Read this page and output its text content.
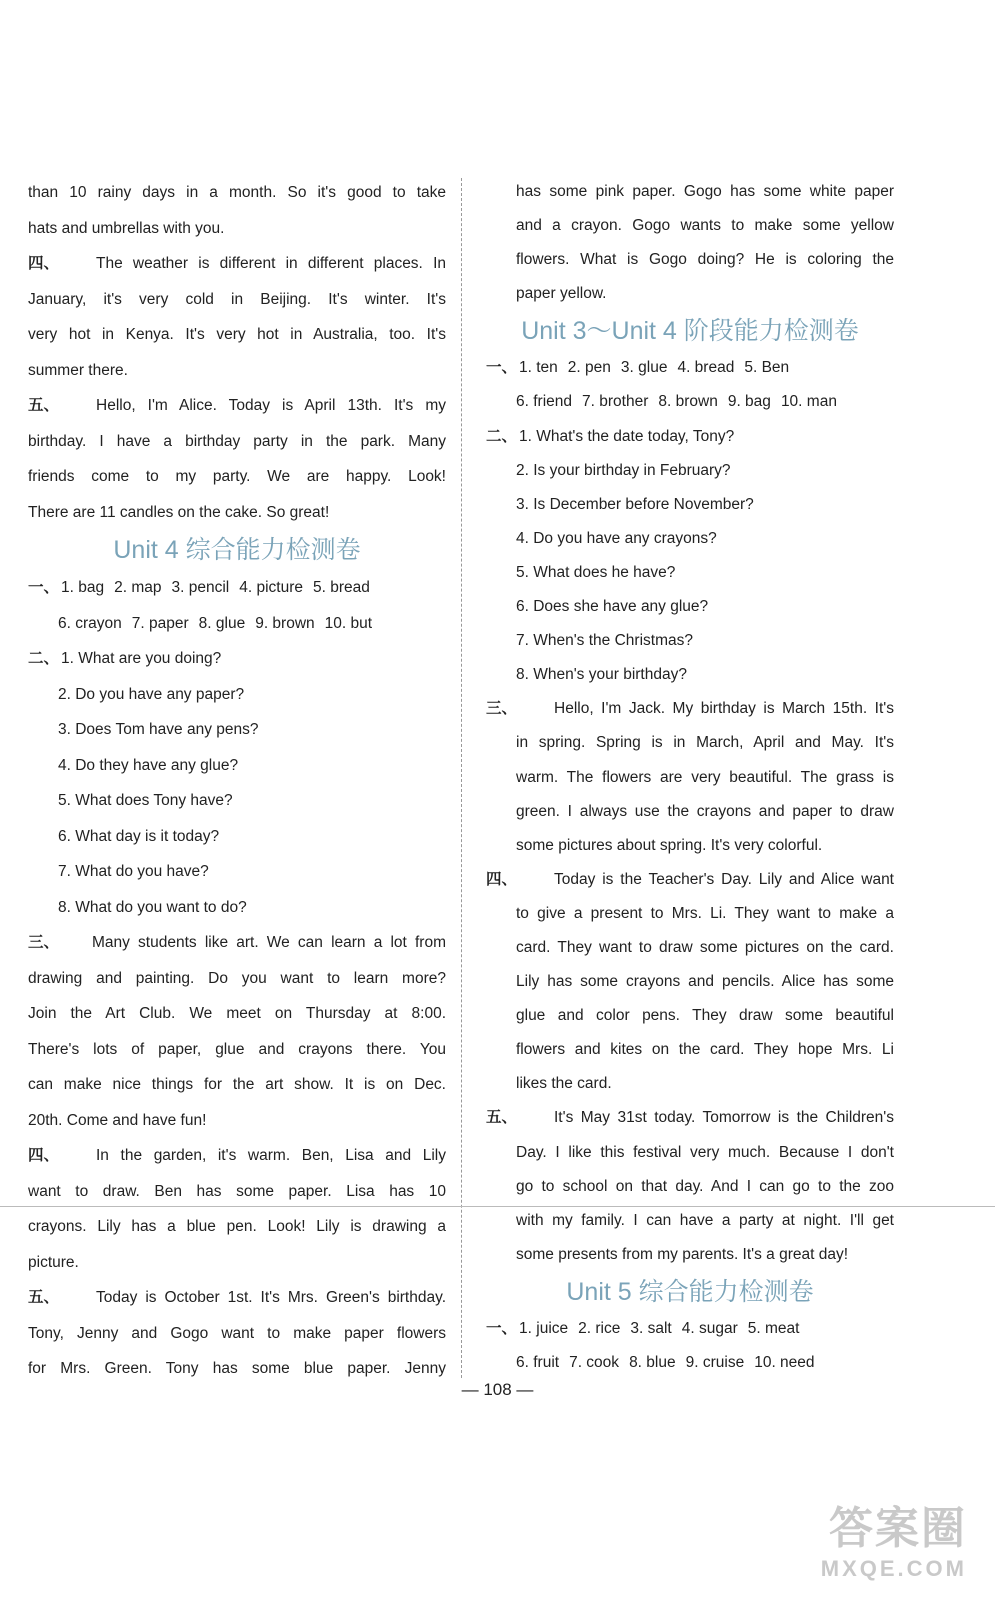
than 10 rainy days in a month. So it's good to take
hats and umbrellas with you.
四、 The weather is different in different places. In
January, it's very cold in Beijing. It's winter. It's
very hot in Kenya. It's very hot in Australia, too. It's
summer there.
五、 Hello, I'm Alice. Today is April 13th. It's my
birthday. I have a birthday party in the park. Many
friends come to my party. We are happy. Look!
There are 11 candles on the cake. So great!
Unit 4 综合能力检测卷
一、 1. bag 2. map 3. pencil 4. picture 5. bread
6. crayon 7. paper 8. glue 9. brown 10. but
二、 1. What are you doing?
2. Do you have any paper?
3. Does Tom have any pens?
4. Do they have any glue?
5. What does Tony have?
6. What day is it today?
7. What do you have?
8. What do you want to do?
三、 Many students like art. We can learn a lot from
drawing and painting. Do you want to learn more?
Join the Art Club. We meet on Thursday at 8:00.
There's lots of paper, glue and crayons there. You
can make nice things for the art show. It is on Dec.
20th. Come and have fun!
四、 In the garden, it's warm. Ben, Lisa and Lily
want to draw. Ben has some paper. Lisa has 10
crayons. Lily has a blue pen. Look! Lily is drawing a
picture.
五、 Today is October 1st. It's Mrs. Green's birthday.
Tony, Jenny and Gogo want to make paper flowers
for Mrs. Green. Tony has some blue paper. Jenny
has some pink paper. Gogo has some white paper
and a crayon. Gogo wants to make some yellow
flowers. What is Gogo doing? He is coloring the
paper yellow.
Unit 3～Unit 4 阶段能力检测卷
一、 1. ten 2. pen 3. glue 4. bread 5. Ben
6. friend 7. brother 8. brown 9. bag 10. man
二、 1. What's the date today, Tony?
2. Is your birthday in February?
3. Is December before November?
4. Do you have any crayons?
5. What does he have?
6. Does she have any glue?
7. When's the Christmas?
8. When's your birthday?
三、 Hello, I'm Jack. My birthday is March 15th. It's
in spring. Spring is in March, April and May. It's
warm. The flowers are very beautiful. The grass is
green. I always use the crayons and paper to draw
some pictures about spring. It's very colorful.
四、 Today is the Teacher's Day. Lily and Alice want
to give a present to Mrs. Li. They want to make a
card. They want to draw some pictures on the card.
Lily has some crayons and pencils. Alice has some
glue and color pens. They draw some beautiful
flowers and kites on the card. They hope Mrs. Li
likes the card.
五、 It's May 31st today. Tomorrow is the Children's
Day. I like this festival very much. Because I don't
go to school on that day. And I can go to the zoo
with my family. I can have a party at night. I'll get
some presents from my parents. It's a great day!
Unit 5 综合能力检测卷
一、 1. juice 2. rice 3. salt 4. sugar 5. meat
6. fruit 7. cook 8. blue 9. cruise 10. need
— 108 —
答案圈
MXQE.COM
